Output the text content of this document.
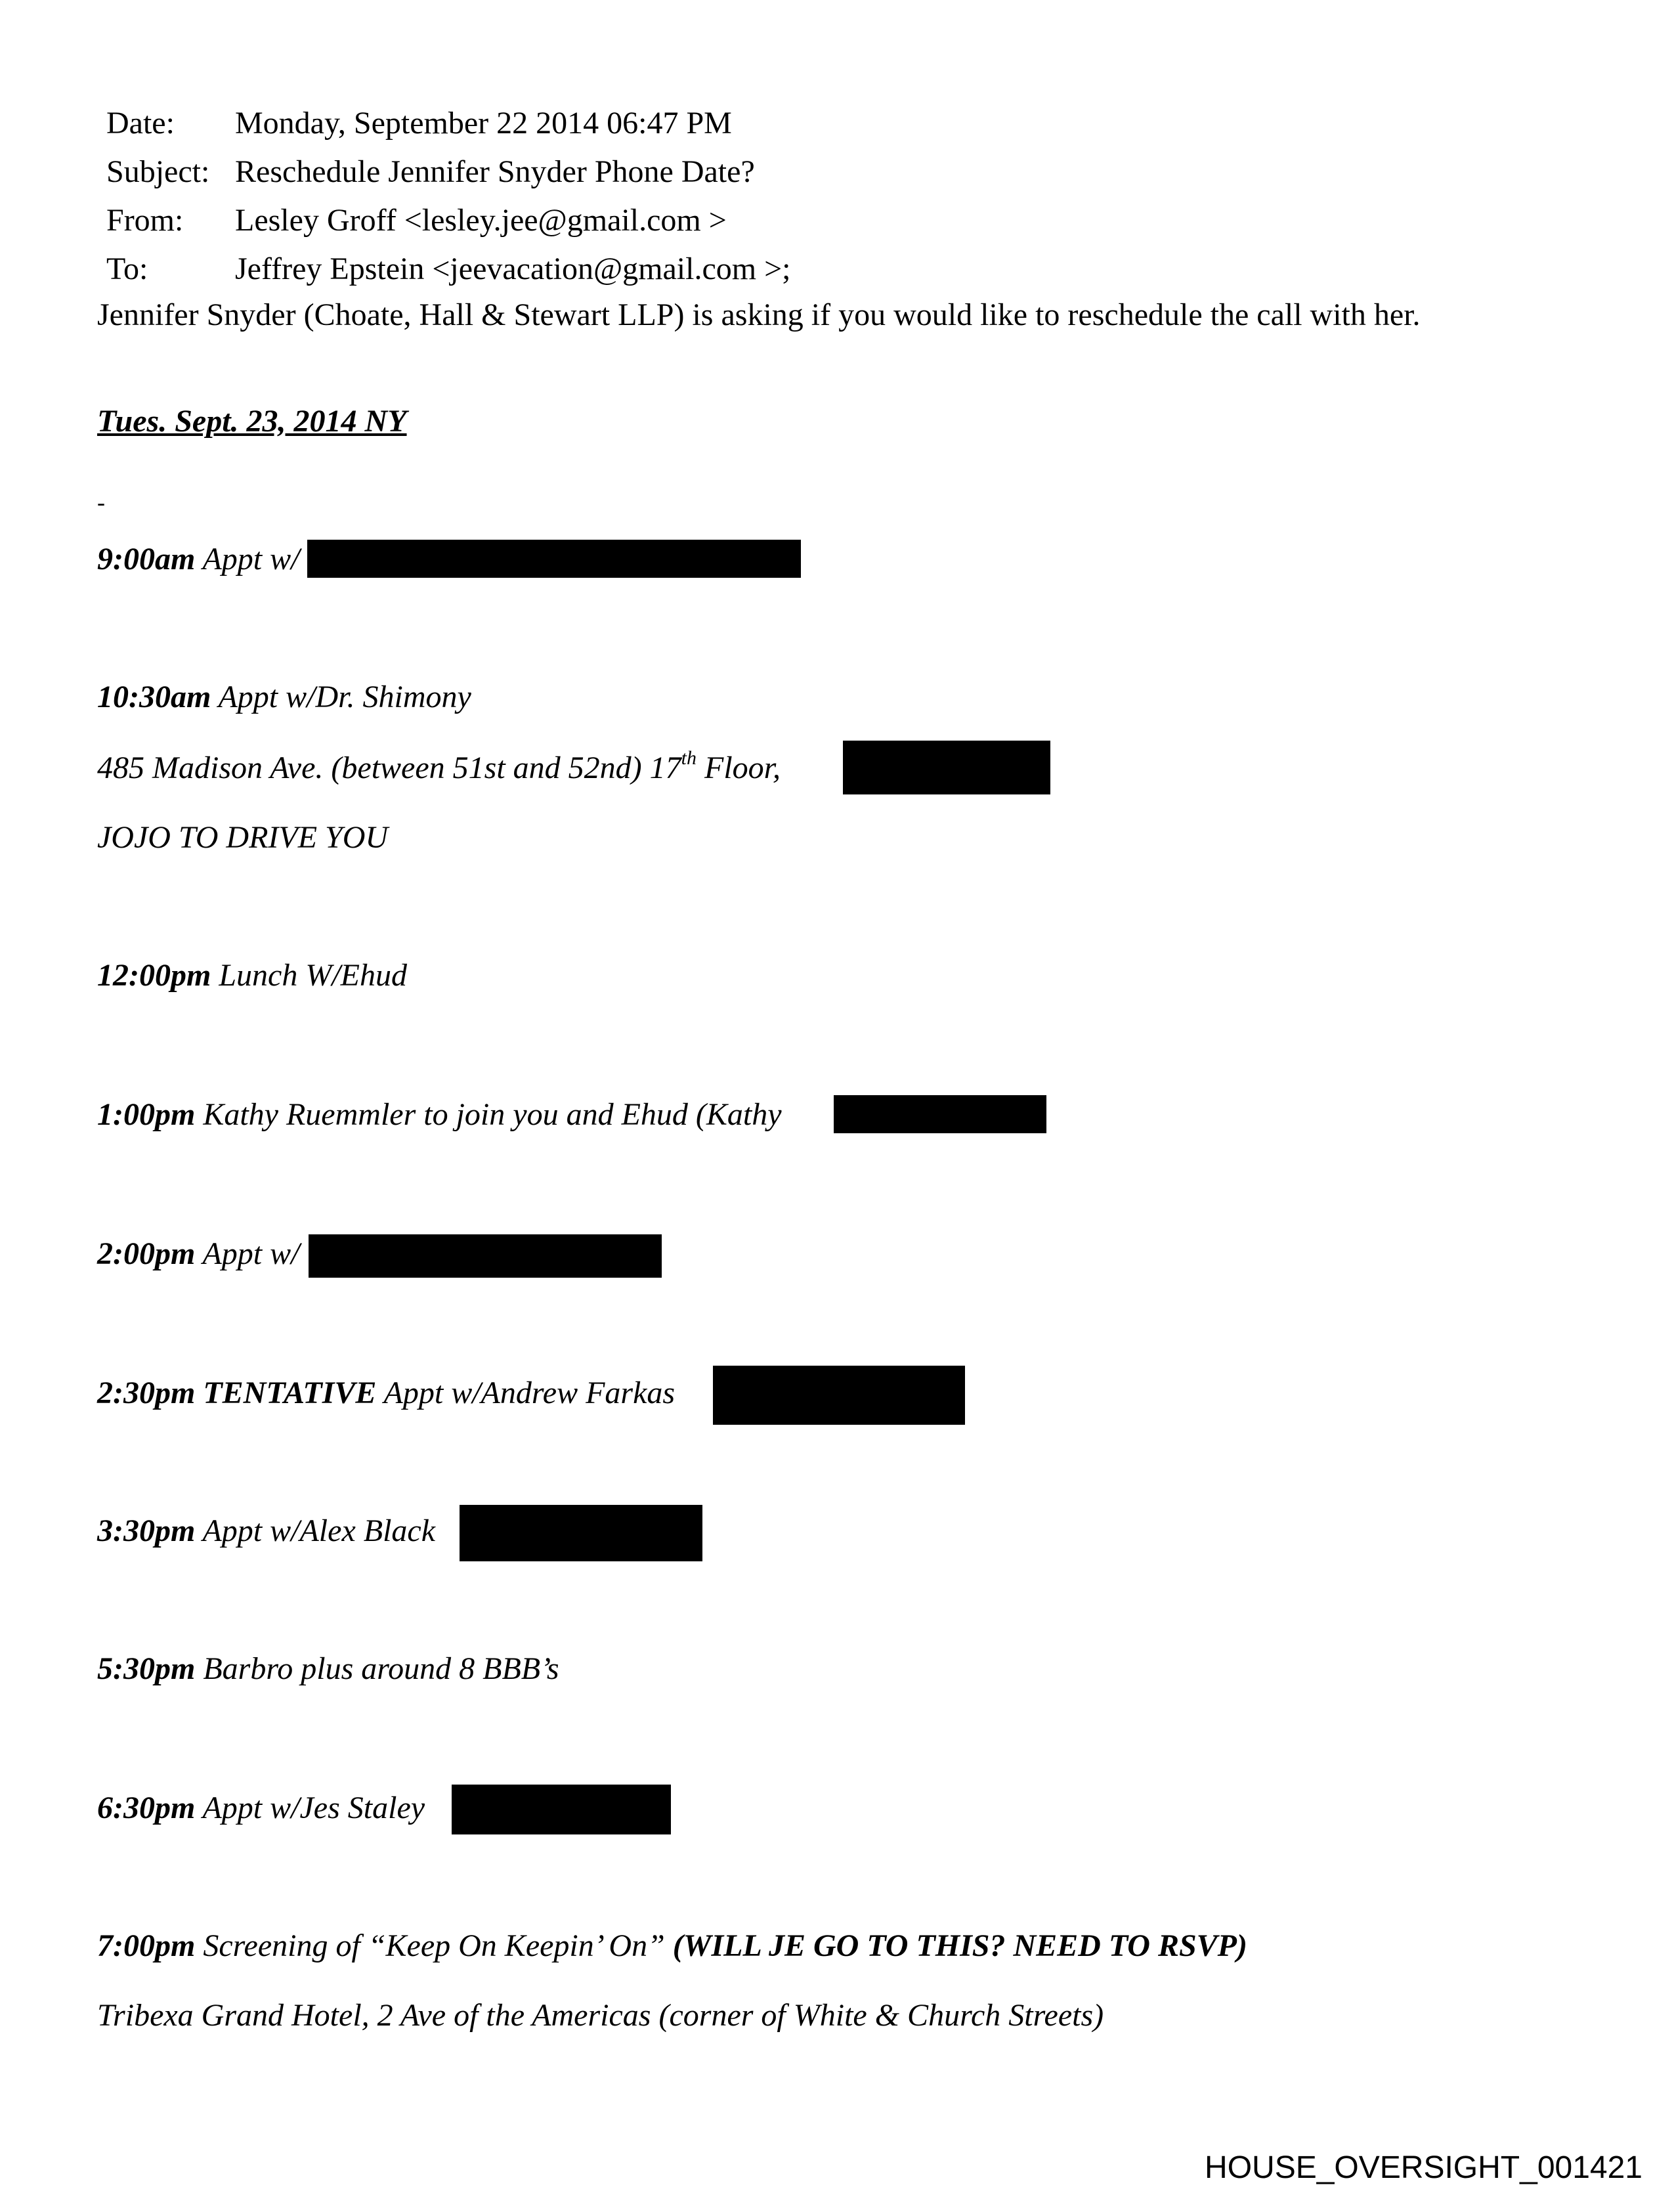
Date: Monday, September 22 2014 06:47 PM
Subject: Reschedule Jennifer Snyder Phone Date?
From: Lesley Groff <lesley.jee@gmail.com >
To:	Jeffrey Epstein <jeevacation@gmail.com >;
Jennifer Snyder (Choate, Hall & Stewart LLP) is asking if you would like to reschedule the call with her.
Tues. Sept. 23, 2014 NY
-
9:00am Appt w/
10:30am Appt w/Dr. Shimony
485 Madison Ave. (between 51st and 52nd) 17th Floor,
JOJO TO DRIVE YOU
12:00pm Lunch W/Ehud
1:00pm Kathy Ruemmler to join you and Ehud (Kathy
2:00pm Appt w/
2:30pm TENTATIVE Appt w/Andrew Farkas
3:30pm Appt w/Alex Black
5:30pm Barbro plus around 8 BBB’s
6:30pm Appt w/Jes Staley
7:00pm Screening of “Keep On Keepin’ On” (WILL JE GO TO THIS? NEED TO RSVP)
Tribexa Grand Hotel, 2 Ave of the Americas (corner of White & Church Streets)
HOUSE_OVERSIGHT_001421
